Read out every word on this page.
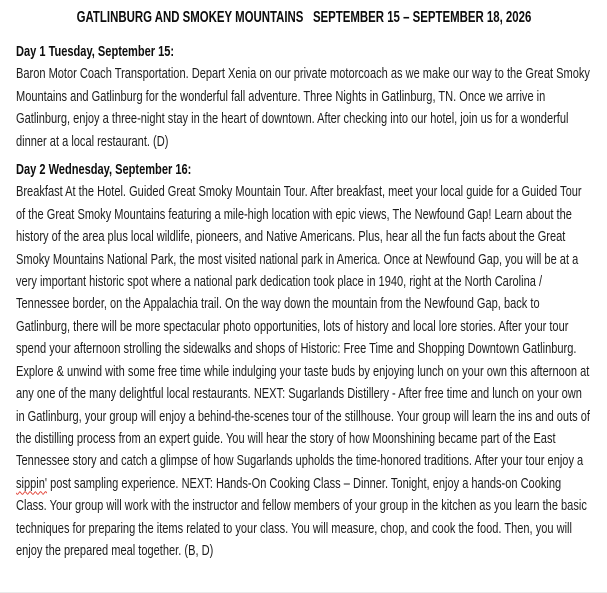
GATLINBURG AND SMOKEY MOUNTAINS   SEPTEMBER 15 – SEPTEMBER 18, 2026
Day 1 Tuesday, September 15:

Baron Motor Coach Transportation. Depart Xenia on our private motorcoach as we make our way to the Great Smoky Mountains and Gatlinburg for the wonderful fall adventure. Three Nights in Gatlinburg, TN. Once we arrive in Gatlinburg, enjoy a three-night stay in the heart of downtown. After checking into our hotel, join us for a wonderful dinner at a local restaurant. (D)

Day 2 Wednesday, September 16:

Breakfast At the Hotel. Guided Great Smoky Mountain Tour. After breakfast, meet your local guide for a Guided Tour of the Great Smoky Mountains featuring a mile-high location with epic views, The Newfound Gap! Learn about the history of the area plus local wildlife, pioneers, and Native Americans. Plus, hear all the fun facts about the Great Smoky Mountains National Park, the most visited national park in America. Once at Newfound Gap, you will be at a very important historic spot where a national park dedication took place in 1940, right at the North Carolina / Tennessee border, on the Appalachia trail. On the way down the mountain from the Newfound Gap, back to Gatlinburg, there will be more spectacular photo opportunities, lots of history and local lore stories. After your tour spend your afternoon strolling the sidewalks and shops of Historic: Free Time and Shopping Downtown Gatlinburg. Explore & unwind with some free time while indulging your taste buds by enjoying lunch on your own this afternoon at any one of the many delightful local restaurants. NEXT: Sugarlands Distillery - After free time and lunch on your own in Gatlinburg, your group will enjoy a behind-the-scenes tour of the stillhouse. Your group will learn the ins and outs of the distilling process from an expert guide. You will hear the story of how Moonshining became part of the East Tennessee story and catch a glimpse of how Sugarlands upholds the time-honored traditions. After your tour enjoy a sippin' post sampling experience. NEXT: Hands-On Cooking Class – Dinner. Tonight, enjoy a hands-on Cooking Class. Your group will work with the instructor and fellow members of your group in the kitchen as you learn the basic techniques for preparing the items related to your class. You will measure, chop, and cook the food. Then, you will enjoy the prepared meal together. (B, D)
